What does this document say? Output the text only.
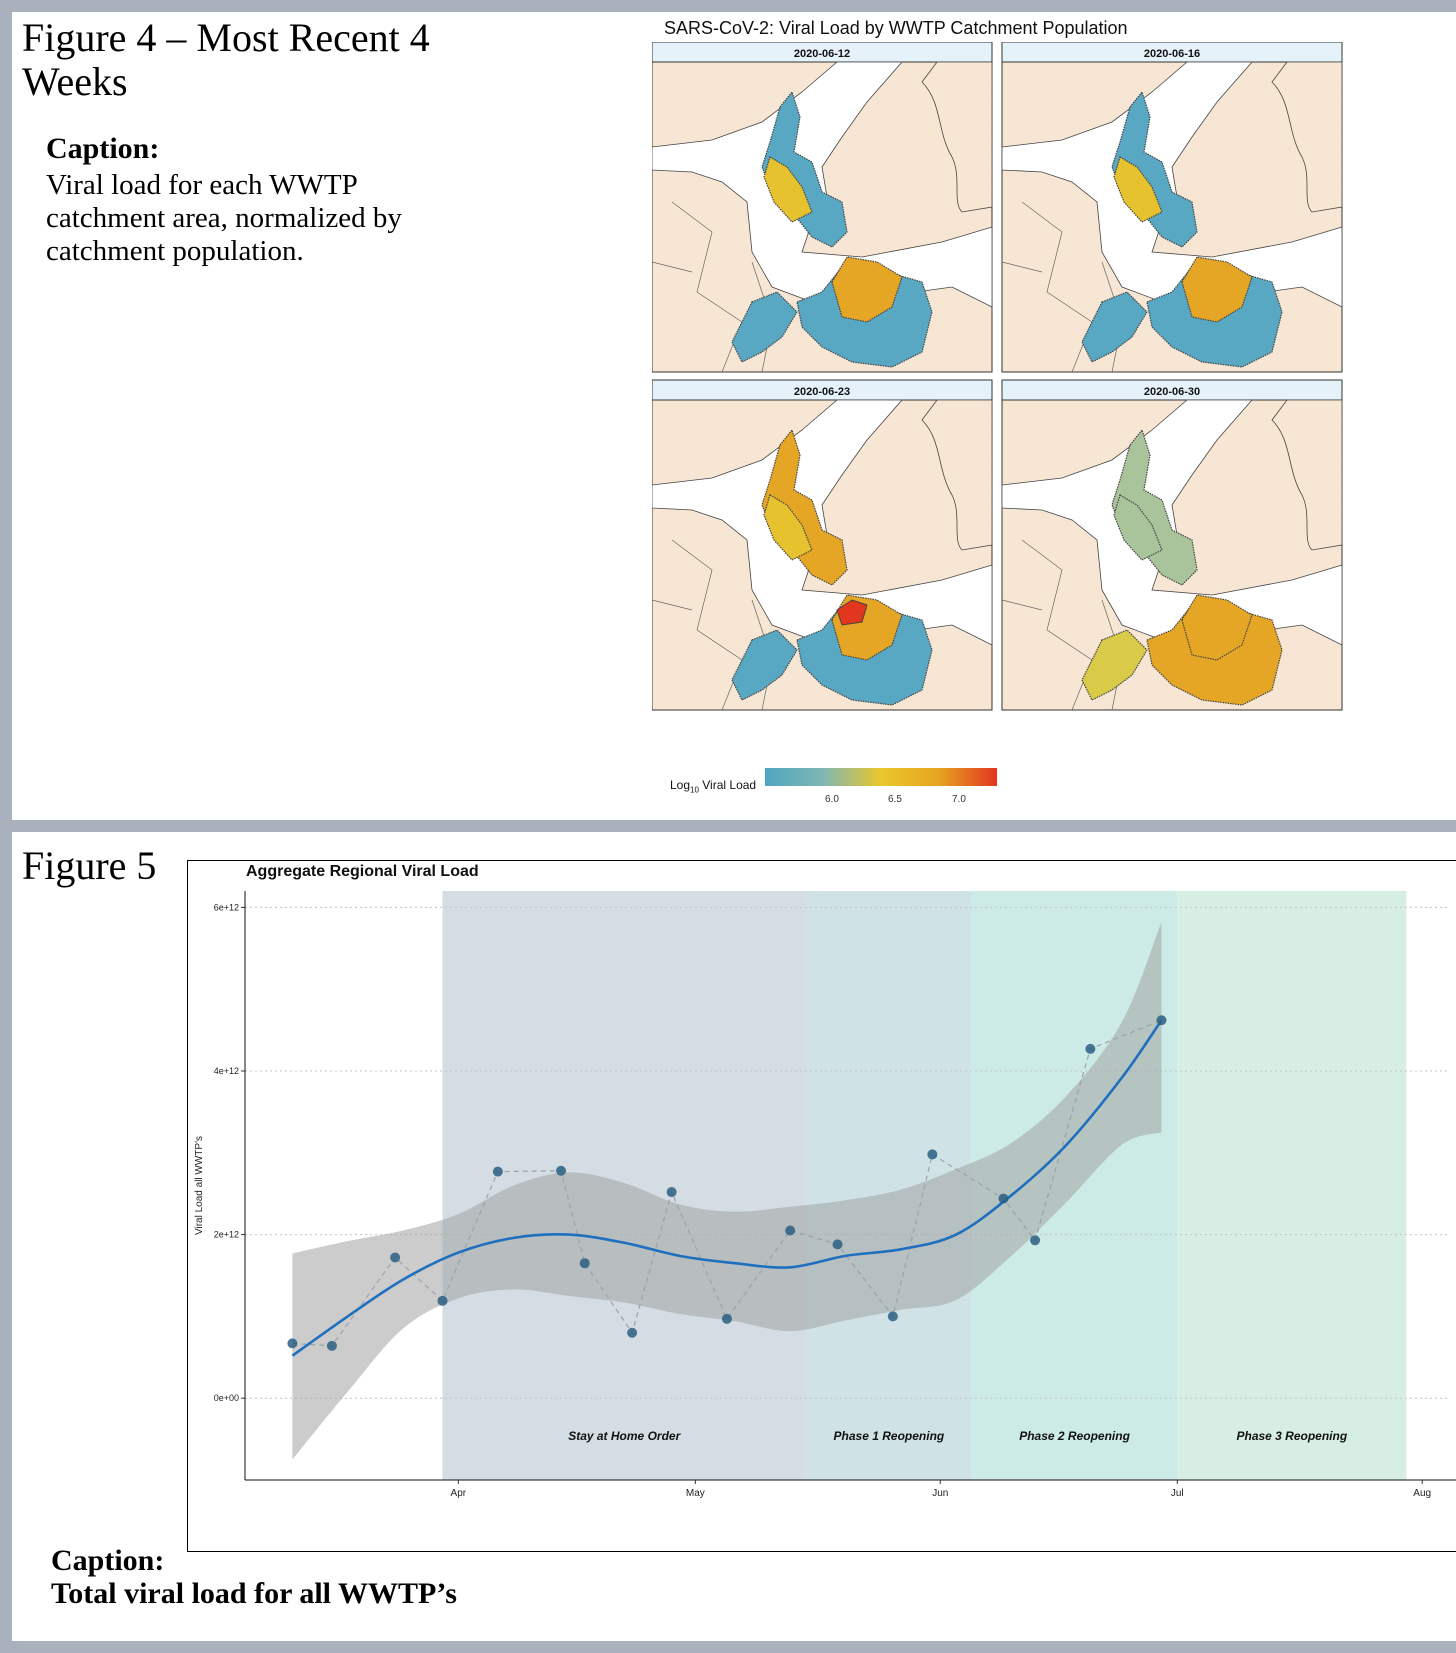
Figure 4 – Most Recent 4 Weeks
Caption:
Viral load for each WWTP catchment area, normalized by catchment population.
SARS-CoV-2: Viral Load by WWTP Catchment Population
2020-06-12	2020-06-16
2020-06-23	2020-06-30
Log$_{10}$ Viral Load
6.0	6.5	7.0
Figure 5	Aggregate Regional Viral Load
Stay at Home Order	Phase 1 Reopening	Phase 2 Reopening	Phase 3 Reopening
0e+00
2e+12
4e+12
6e+12
Apr	May	Jun	Jul	Aug
Viral Load all WWTP's
Caption:
Total viral load for all WWTP’s
